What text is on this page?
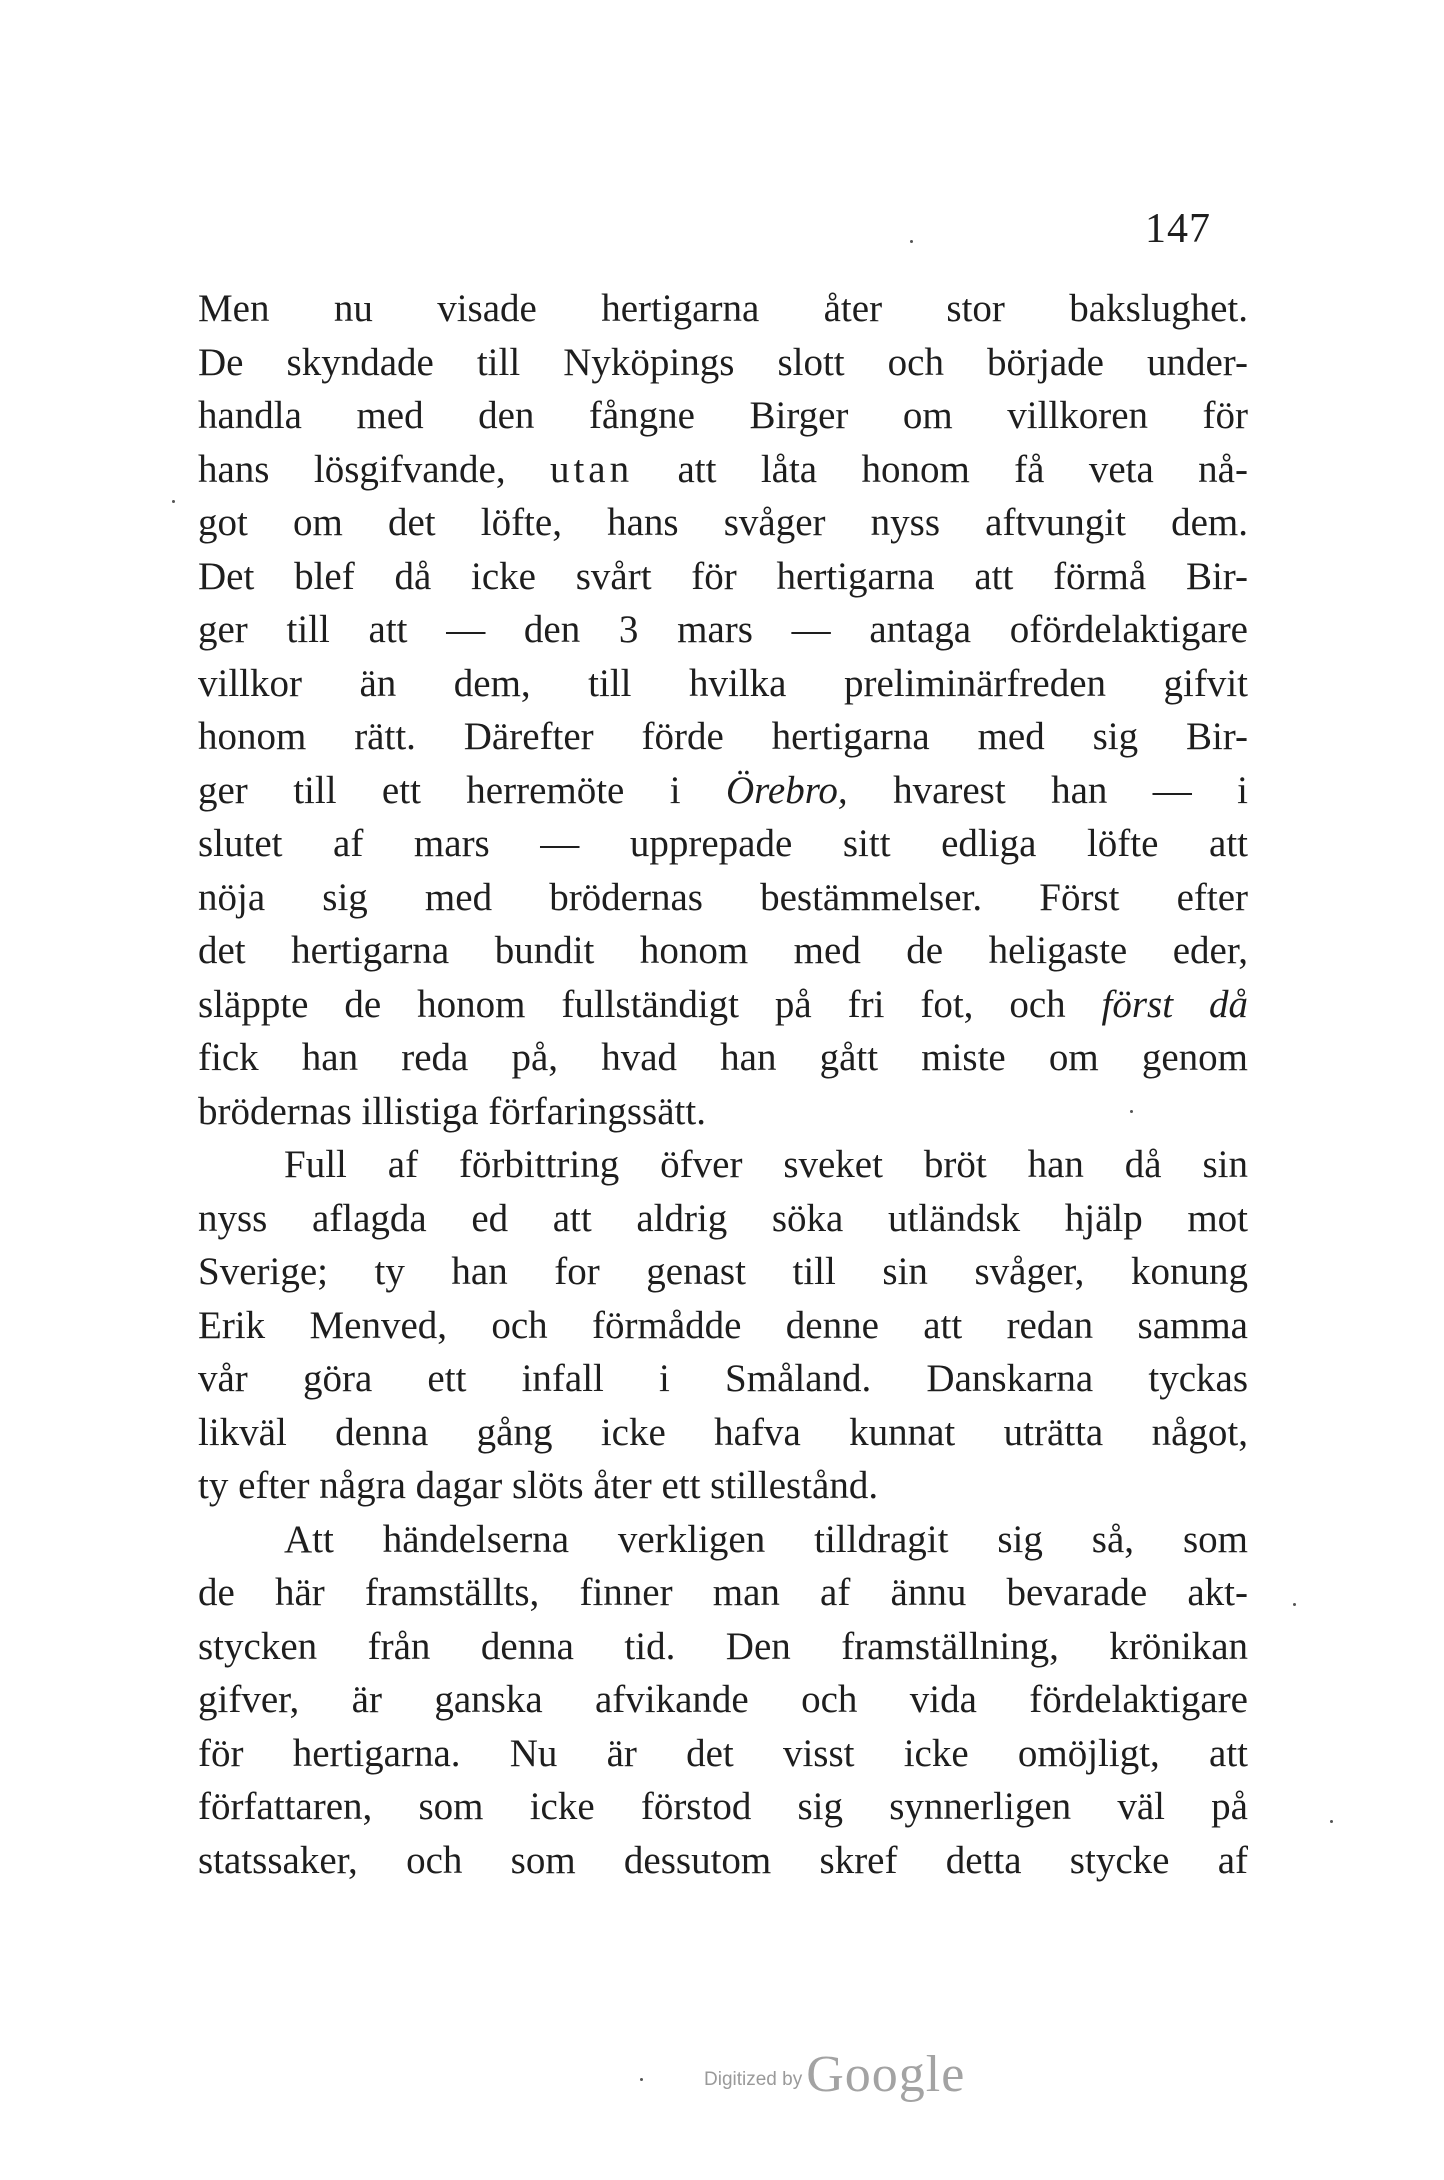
147
Men nu visade hertigarna åter stor bakslughet.
De skyndade till Nyköpings slott och började under-
handla med den fångne Birger om villkoren för
hans lösgifvande, utan att låta honom få veta nå-
got om det löfte, hans svåger nyss aftvungit dem.
Det blef då icke svårt för hertigarna att förmå Bir-
ger till att — den 3 mars — antaga ofördelaktigare
villkor än dem, till hvilka preliminärfreden gifvit
honom rätt. Därefter förde hertigarna med sig Bir-
ger till ett herremöte i Örebro, hvarest han — i
slutet af mars — upprepade sitt edliga löfte att
nöja sig med brödernas bestämmelser. Först efter
det hertigarna bundit honom med de heligaste eder,
släppte de honom fullständigt på fri fot, och först då
fick han reda på, hvad han gått miste om genom
brödernas illistiga förfaringssätt.
Full af förbittring öfver sveket bröt han då sin
nyss aflagda ed att aldrig söka utländsk hjälp mot
Sverige; ty han for genast till sin svåger, konung
Erik Menved, och förmådde denne att redan samma
vår göra ett infall i Småland. Danskarna tyckas
likväl denna gång icke hafva kunnat uträtta något,
ty efter några dagar slöts åter ett stillestånd.
Att händelserna verkligen tilldragit sig så, som
de här framställts, finner man af ännu bevarade akt-
stycken från denna tid. Den framställning, krönikan
gifver, är ganska afvikande och vida fördelaktigare
för hertigarna. Nu är det visst icke omöjligt, att
författaren, som icke förstod sig synnerligen väl på
statssaker, och som dessutom skref detta stycke af
Digitized by Google
